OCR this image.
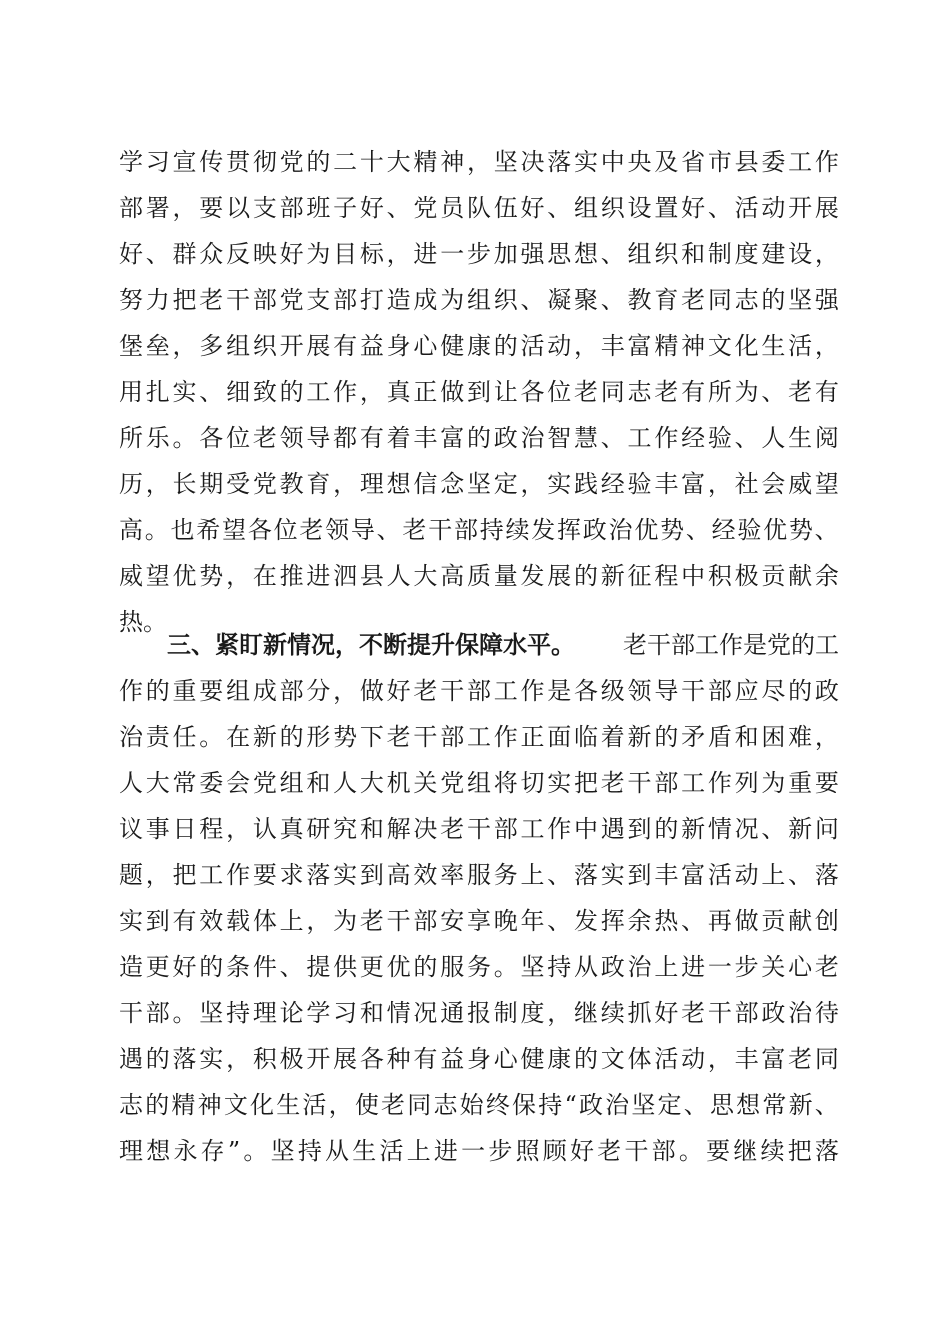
学 习 宣 传 贯 彻 党 的 二 十 大 精 神 ， 坚 决 落 实 中 央 及 省 市 县 委 工 作
部 署 ， 要 以 支 部 班 子 好 、 党 员 队 伍 好 、 组 织 设 置 好 、 活 动 开 展
好 、 群 众 反 映 好 为 目 标 ， 进 一 步 加 强 思 想 、 组 织 和 制 度 建 设 ，
努 力 把 老 干 部 党 支 部 打 造 成 为 组 织 、 凝 聚 、 教 育 老 同 志 的 坚 强
堡 垒 ， 多 组 织 开 展 有 益 身 心 健 康 的 活 动 ， 丰 富 精 神 文 化 生 活 ，
用 扎 实 、 细 致 的 工 作 ， 真 正 做 到 让 各 位 老 同 志 老 有 所 为 、 老 有
所 乐 。 各 位 老 领 导 都 有 着 丰 富 的 政 治 智 慧 、 工 作 经 验 、 人 生 阅
历 ， 长 期 受 党 教 育 ， 理 想 信 念 坚 定 ， 实 践 经 验 丰 富 ， 社 会 威 望
高 。 也 希 望 各 位 老 领 导 、 老 干 部 持 续 发 挥 政 治 优 势 、 经 验 优 势 、
威 望 优 势 ， 在 推 进 泗 县 人 大 高 质 量 发 展 的 新 征 程 中 积 极 贡 献 余
热。
三、紧盯新情况，不断提升保障水平。 老干部工作是党的工
作 的 重 要 组 成 部 分 ， 做 好 老 干 部 工 作 是 各 级 领 导 干 部 应 尽 的 政
治 责 任 。 在 新 的 形 势 下 老 干 部 工 作 正 面 临 着 新 的 矛 盾 和 困 难 ，
人 大 常 委 会 党 组 和 人 大 机 关 党 组 将 切 实 把 老 干 部 工 作 列 为 重 要
议 事 日 程 ， 认 真 研 究 和 解 决 老 干 部 工 作 中 遇 到 的 新 情 况 、 新 问
题 ， 把 工 作 要 求 落 实 到 高 效 率 服 务 上 、 落 实 到 丰 富 活 动 上 、 落
实 到 有 效 载 体 上 ， 为 老 干 部 安 享 晚 年 、 发 挥 余 热 、 再 做 贡 献 创
造 更 好 的 条 件 、 提 供 更 优 的 服 务 。 坚 持 从 政 治 上 进 一 步 关 心 老
干 部 。 坚 持 理 论 学 习 和 情 况 通 报 制 度 ， 继 续 抓 好 老 干 部 政 治 待
遇 的 落 实 ， 积 极 开 展 各 种 有 益 身 心 健 康 的 文 体 活 动 ， 丰 富 老 同
志 的 精 神 文 化 生 活 ， 使 老 同 志 始 终 保 持 “ 政 治 坚 定 、 思 想 常 新 、
理 想 永 存 ” 。 坚 持 从 生 活 上 进 一 步 照 顾 好 老 干 部 。 要 继 续 把 落
